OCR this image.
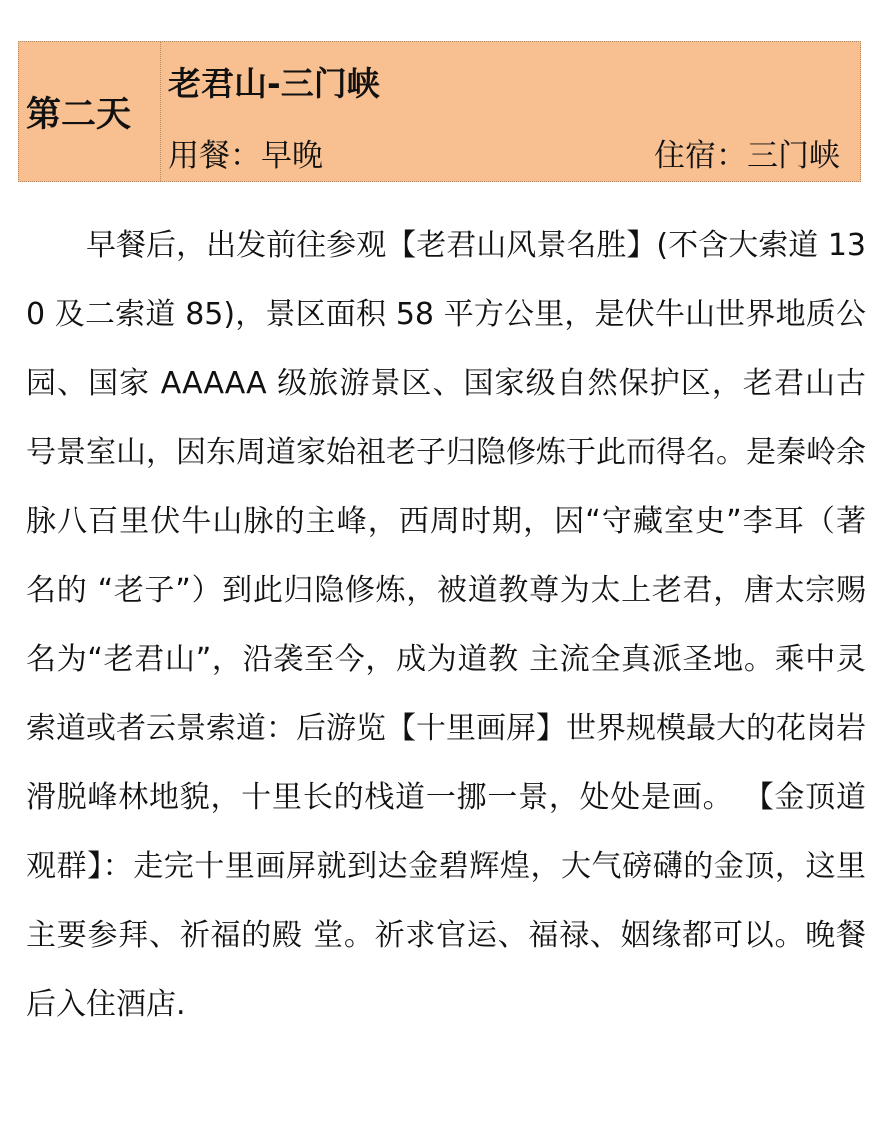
第二天
老君山-三门峡
用餐：早晚	住宿：三门峡

早餐后，出发前往参观【老君山风景名胜】(不含大索道 130 及二索道 85)，景区面积 58 平方公里，是伏牛山世界地质公园、国家 AAAAA 级旅游景区、国家级自然保护区，老君山古号景室山，因东周道家始祖老子归隐修炼于此而得名。是秦岭余脉八百里伏牛山脉的主峰，西周时期，因“守藏室史”李耳（著名的 “老子”）到此归隐修炼，被道教尊为太上老君，唐太宗赐名为“老君山”，沿袭至今，成为道教 主流全真派圣地。乘中灵索道或者云景索道：后游览【十里画屏】世界规模最大的花岗岩滑脱峰林地貌，十里长的栈道一挪一景，处处是画。 【金顶道观群】：走完十里画屏就到达金碧辉煌，大气磅礴的金顶，这里主要参拜、祈福的殿 堂。祈求官运、福禄、姻缘都可以。晚餐后入住酒店.
